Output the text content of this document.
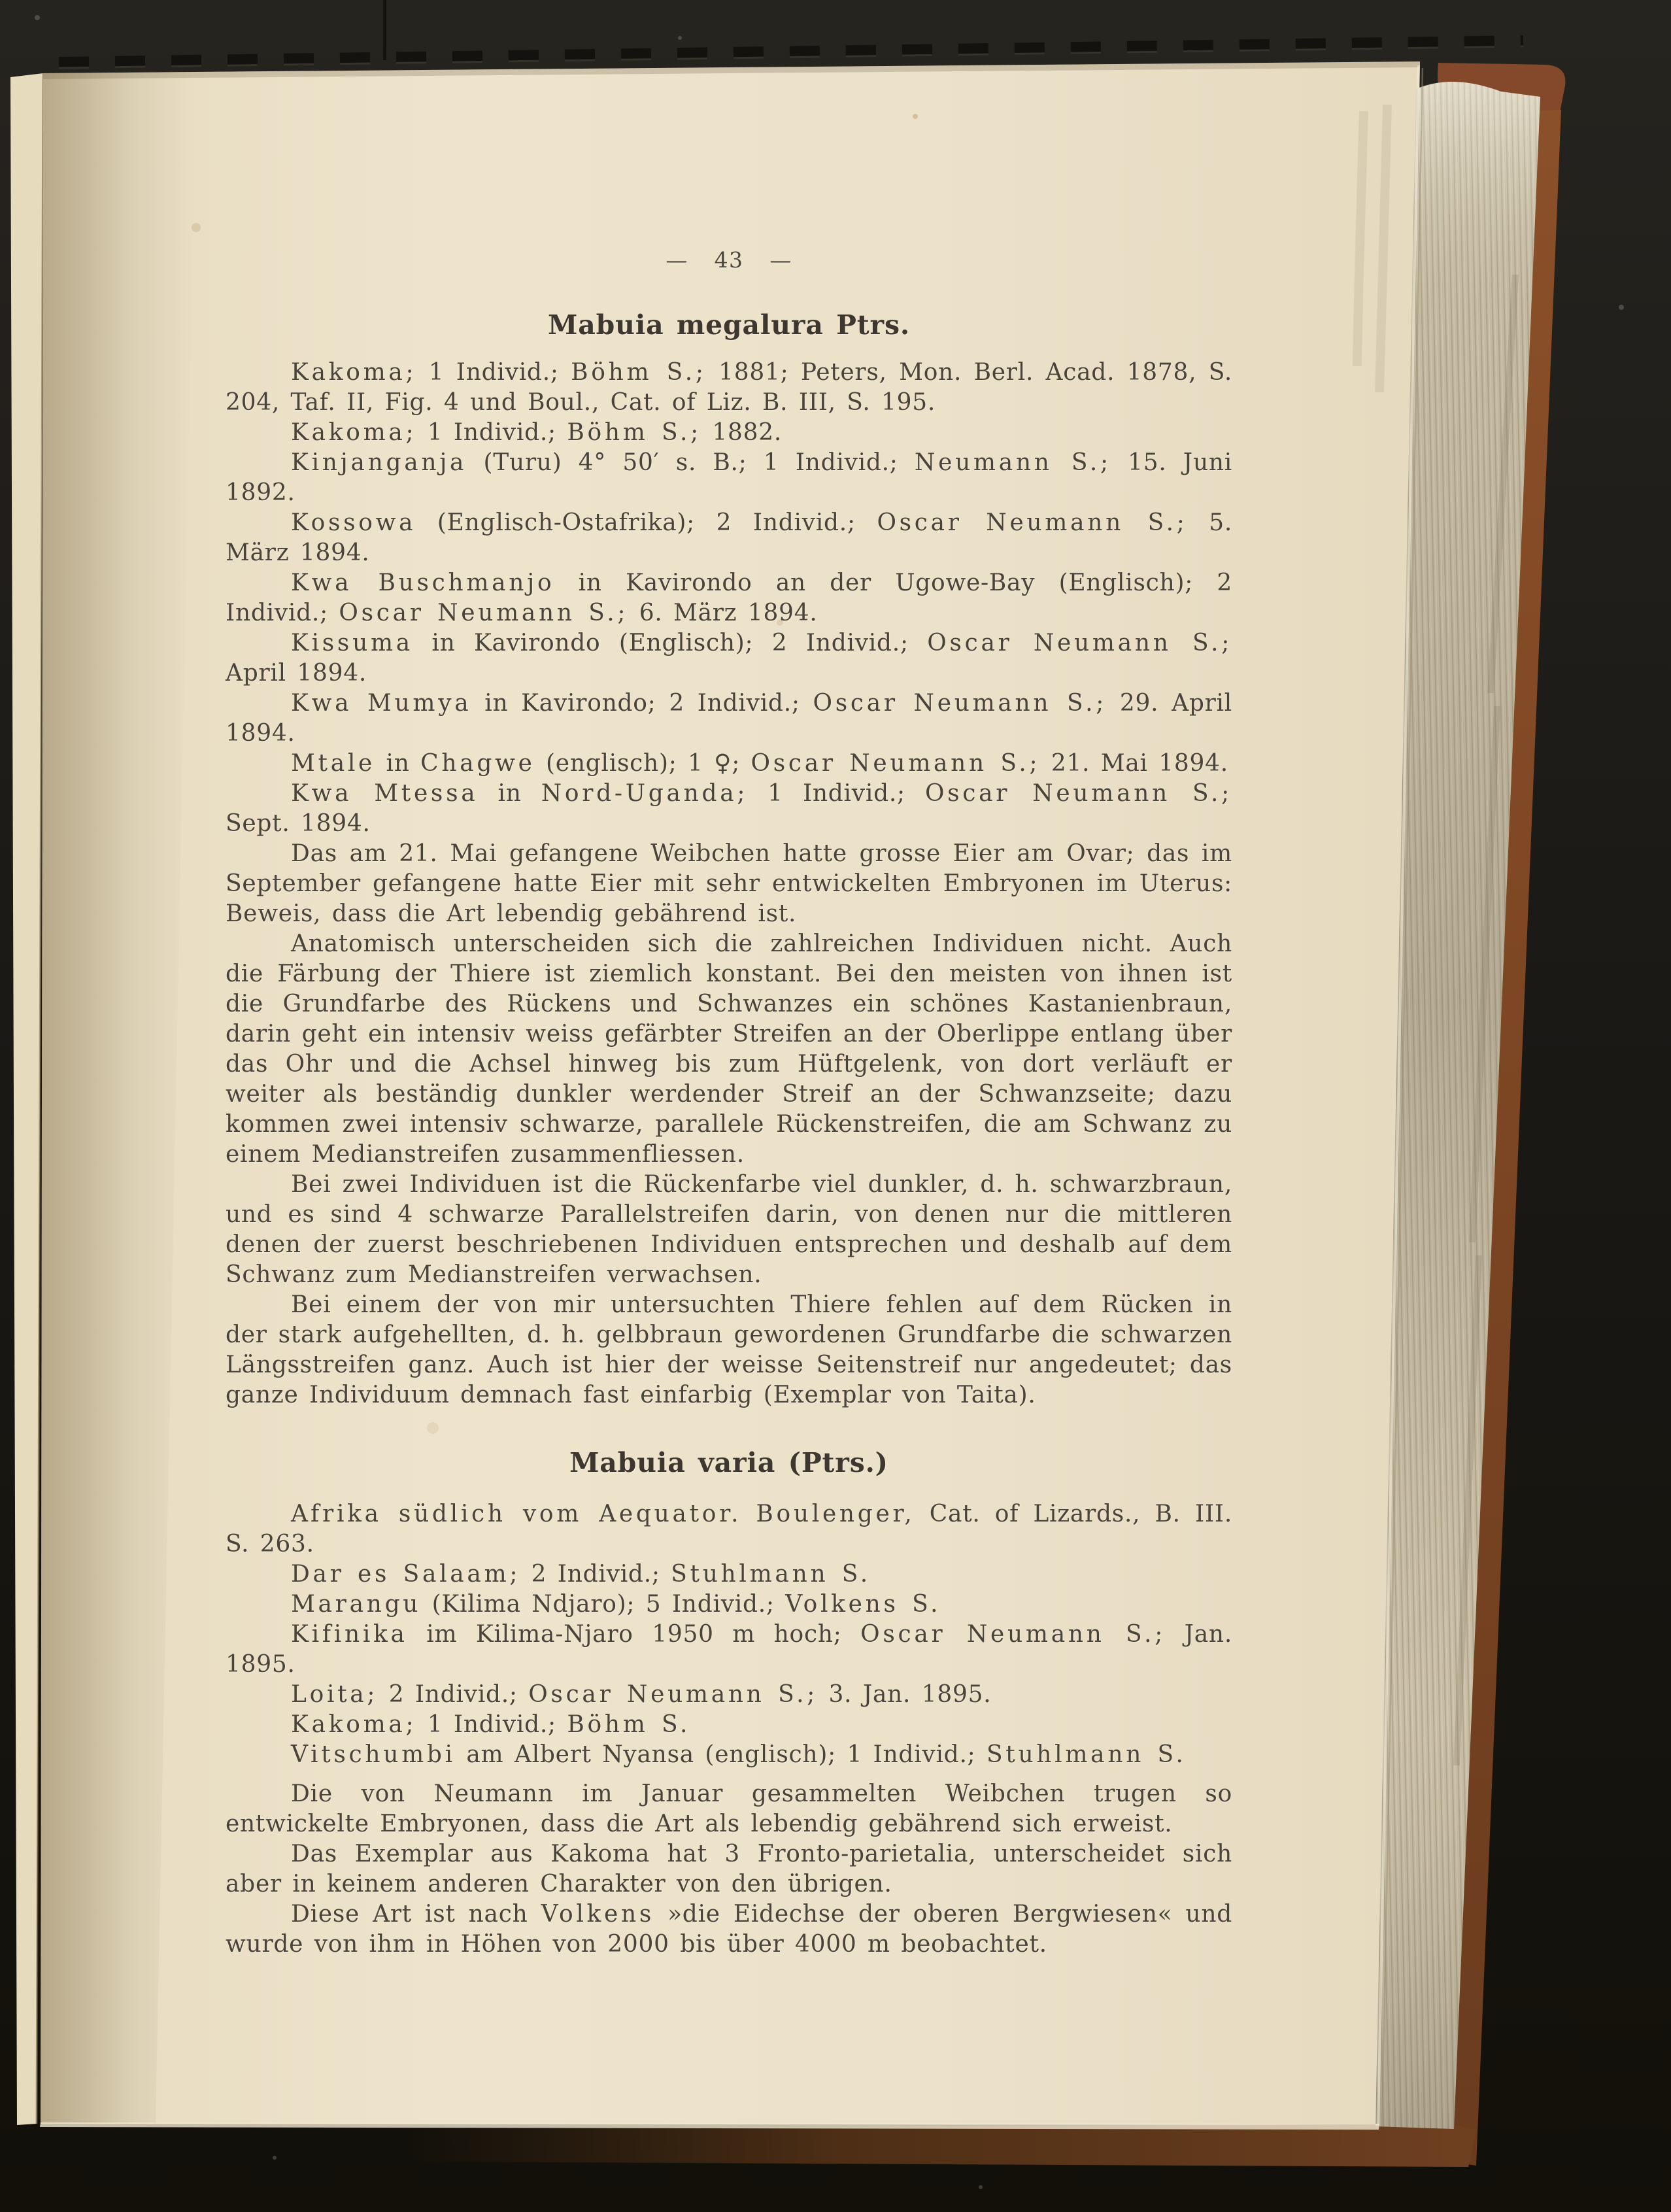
— 43 —
Mabuia megalura Ptrs.

Kakoma; 1 Individ.; Böhm S.; 1881; Peters, Mon. Berl. Acad. 1878, S. 204, Taf. II, Fig. 4 und Boul., Cat. of Liz. B. III, S. 195.

Kakoma; 1 Individ.; Böhm S.; 1882.

Kinjanganja (Turu) 4° 50′ s. B.; 1 Individ.; Neumann S.; 15. Juni 1892.

Kossowa (Englisch-Ostafrika); 2 Individ.; Oscar Neumann S.; 5. März 1894.

Kwa Buschmanjo in Kavirondo an der Ugowe-Bay (Englisch); 2 Individ.; Oscar Neumann S.; 6. März 1894.

Kissuma in Kavirondo (Englisch); 2 Individ.; Oscar Neumann S.; April 1894.

Kwa Mumya in Kavirondo; 2 Individ.; Oscar Neumann S.; 29. April 1894.

Mtale in Chagwe (englisch); 1 ♀; Oscar Neumann S.; 21. Mai 1894.

Kwa Mtessa in Nord-Uganda; 1 Individ.; Oscar Neumann S.; Sept. 1894.

Das am 21. Mai gefangene Weibchen hatte grosse Eier am Ovar; das im September gefangene hatte Eier mit sehr entwickelten Embryonen im Uterus: Beweis, dass die Art lebendig gebährend ist.

Anatomisch unterscheiden sich die zahlreichen Individuen nicht. Auch die Färbung der Thiere ist ziemlich konstant. Bei den meisten von ihnen ist die Grundfarbe des Rückens und Schwanzes ein schönes Kastanienbraun, darin geht ein intensiv weiss gefärbter Streifen an der Oberlippe entlang über das Ohr und die Achsel hinweg bis zum Hüftgelenk, von dort verläuft er weiter als beständig dunkler werdender Streif an der Schwanzseite; dazu kommen zwei intensiv schwarze, parallele Rückenstreifen, die am Schwanz zu einem Medianstreifen zusammenfliessen.

Bei zwei Individuen ist die Rückenfarbe viel dunkler, d. h. schwarzbraun, und es sind 4 schwarze Parallelstreifen darin, von denen nur die mittleren denen der zuerst beschriebenen Individuen entsprechen und deshalb auf dem Schwanz zum Medianstreifen verwachsen.

Bei einem der von mir untersuchten Thiere fehlen auf dem Rücken in der stark aufgehellten, d. h. gelbbraun gewordenen Grundfarbe die schwarzen Längsstreifen ganz. Auch ist hier der weisse Seitenstreif nur angedeutet; das ganze Individuum demnach fast einfarbig (Exemplar von Taita).

Mabuia varia (Ptrs.)

Afrika südlich vom Aequator. Boulenger, Cat. of Lizards., B. III. S. 263.

Dar es Salaam; 2 Individ.; Stuhlmann S.

Marangu (Kilima Ndjaro); 5 Individ.; Volkens S.

Kifinika im Kilima-Njaro 1950 m hoch; Oscar Neumann S.; Jan. 1895.

Loita; 2 Individ.; Oscar Neumann S.; 3. Jan. 1895.

Kakoma; 1 Individ.; Böhm S.

Vitschumbi am Albert Nyansa (englisch); 1 Individ.; Stuhlmann S.

Die von Neumann im Januar gesammelten Weibchen trugen so entwickelte Embryonen, dass die Art als lebendig gebährend sich erweist.

Das Exemplar aus Kakoma hat 3 Fronto-parietalia, unterscheidet sich aber in keinem anderen Charakter von den übrigen.

Diese Art ist nach Volkens »die Eidechse der oberen Bergwiesen« und wurde von ihm in Höhen von 2000 bis über 4000 m beobachtet.
